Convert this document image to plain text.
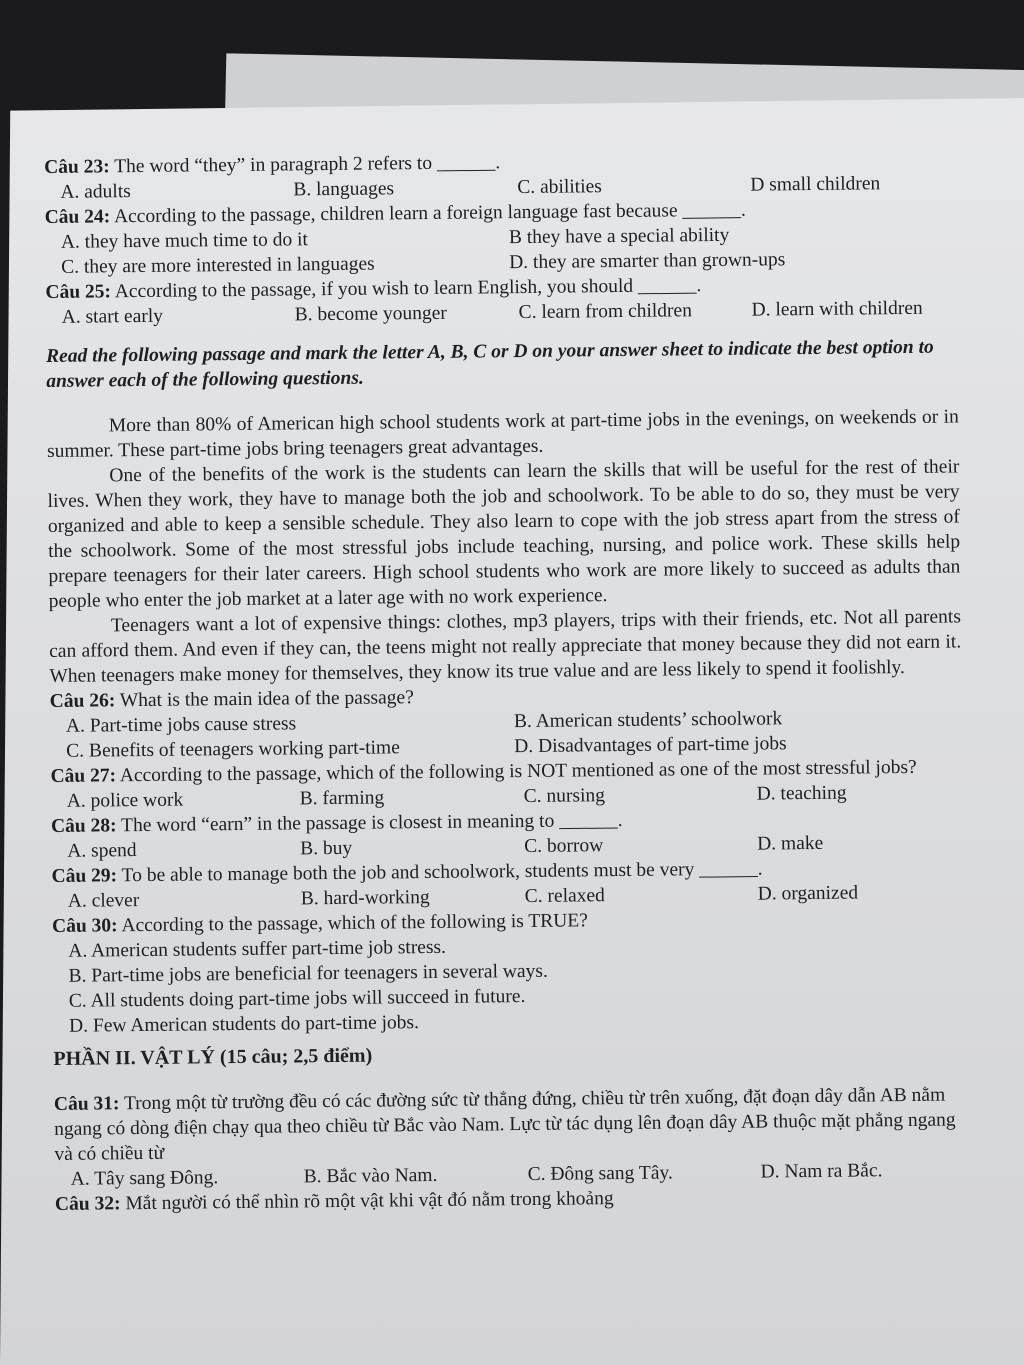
Câu 23: The word “they” in paragraph 2 refers to ______.

A. adults	B. languages	C. abilities	D small children

Câu 24: According to the passage, children learn a foreign language fast because ______.

A. they have much time to do it	B they have a special ability
C. they are more interested in languages	D. they are smarter than grown-ups

Câu 25: According to the passage, if you wish to learn English, you should ______.

A. start early	B. become younger	C. learn from children	D. learn with children

Read the following passage and mark the letter A, B, C or D on your answer sheet to indicate the best option to answer each of the following questions.

More than 80% of American high school students work at part-time jobs in the evenings, on weekends or in summer. These part-time jobs bring teenagers great advantages.

One of the benefits of the work is the students can learn the skills that will be useful for the rest of their lives. When they work, they have to manage both the job and schoolwork. To be able to do so, they must be very organized and able to keep a sensible schedule. They also learn to cope with the job stress apart from the stress of the schoolwork. Some of the most stressful jobs include teaching, nursing, and police work. These skills help prepare teenagers for their later careers. High school students who work are more likely to succeed as adults than people who enter the job market at a later age with no work experience.

Teenagers want a lot of expensive things: clothes, mp3 players, trips with their friends, etc. Not all parents can afford them. And even if they can, the teens might not really appreciate that money because they did not earn it. When teenagers make money for themselves, they know its true value and are less likely to spend it foolishly.

Câu 26: What is the main idea of the passage?

A. Part-time jobs cause stress	B. American students’ schoolwork
C. Benefits of teenagers working part-time	D. Disadvantages of part-time jobs

Câu 27: According to the passage, which of the following is NOT mentioned as one of the most stressful jobs?

A. police work	B. farming	C. nursing	D. teaching

Câu 28: The word “earn” in the passage is closest in meaning to ______.

A. spend	B. buy	C. borrow	D. make

Câu 29: To be able to manage both the job and schoolwork, students must be very ______.

A. clever	B. hard-working	C. relaxed	D. organized

Câu 30: According to the passage, which of the following is TRUE?

A. American students suffer part-time job stress.
B. Part-time jobs are beneficial for teenagers in several ways.
C. All students doing part-time jobs will succeed in future.
D. Few American students do part-time jobs.

PHẦN II. VẬT LÝ (15 câu; 2,5 điểm)

Câu 31: Trong một từ trường đều có các đường sức từ thẳng đứng, chiều từ trên xuống, đặt đoạn dây dẫn AB nằm ngang có dòng điện chạy qua theo chiều từ Bắc vào Nam. Lực từ tác dụng lên đoạn dây AB thuộc mặt phẳng ngang và có chiều từ

A. Tây sang Đông.	B. Bắc vào Nam.	C. Đông sang Tây.	D. Nam ra Bắc.

Câu 32: Mắt người có thể nhìn rõ một vật khi vật đó nằm trong khoảng
